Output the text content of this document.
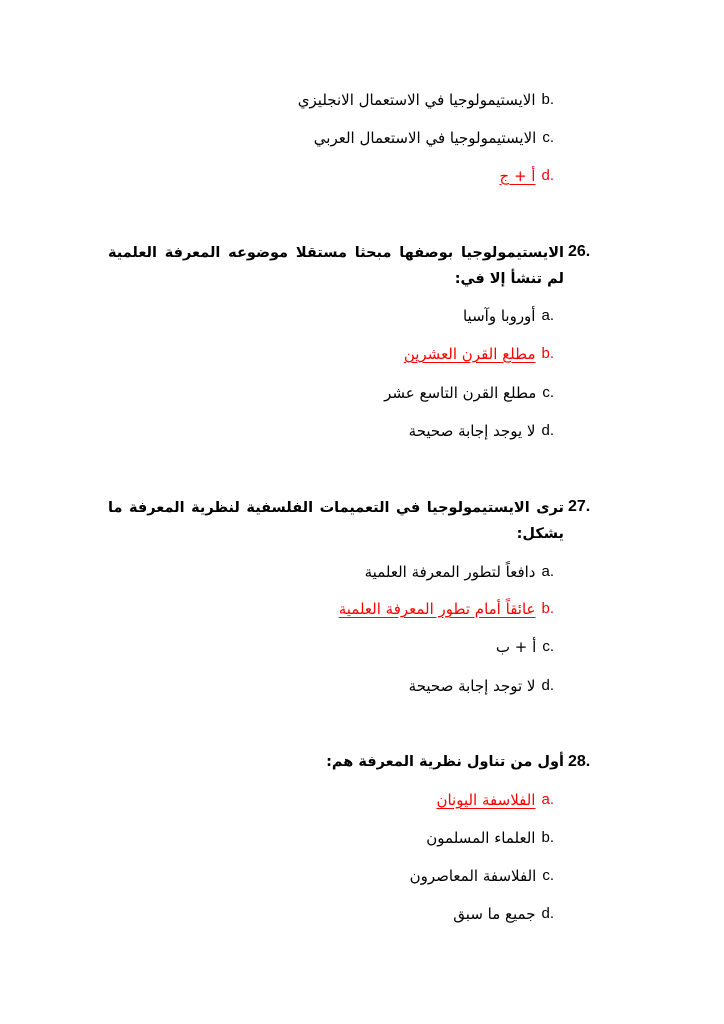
الايستيمولوجيا في الاستعمال الانجليزي b.
الايستيمولوجيا في الاستعمال العربي c.
أ + ج d.
26.
الايستيمولوجيا بوصفها مبحثا مستقلا موضوعه المعرفة العلمية لم تنشأ إلا في:
أوروبا وآسيا a.
مطلع القرن العشرين b.
مطلع القرن التاسع عشر c.
لا يوجد إجابة صحيحة d.
27.
ترى الايستيمولوجيا في التعميمات الفلسفية لنظرية المعرفة ما يشكل:
دافعاً لتطور المعرفة العلمية a.
عائقاً أمام تطور المعرفة العلمية b.
أ + ب c.
لا توجد إجابة صحيحة d.
28.
أول من تناول نظرية المعرفة هم:
الفلاسفة اليونان a.
العلماء المسلمون b.
الفلاسفة المعاصرون c.
جميع ما سبق d.
